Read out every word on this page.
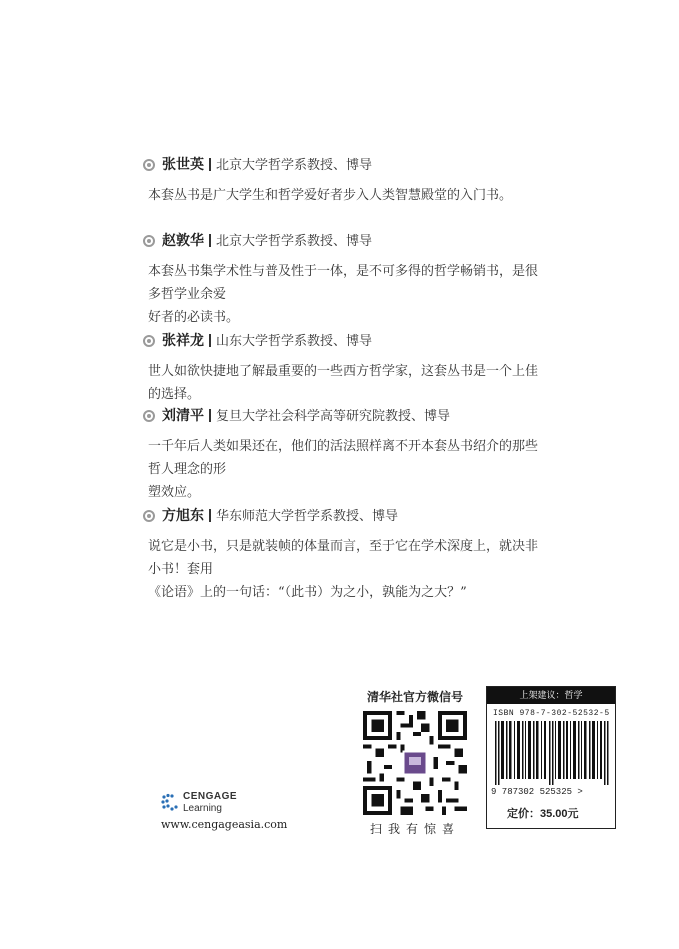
张世英 北京大学哲学系教授、博导
本套丛书是广大学生和哲学爱好者步入人类智慧殿堂的入门书。
赵敦华 北京大学哲学系教授、博导
本套丛书集学术性与普及性于一体，是不可多得的哲学畅销书，是很多哲学业余爱
好者的必读书。
张祥龙 山东大学哲学系教授、博导
世人如欲快捷地了解最重要的一些西方哲学家，这套丛书是一个上佳的选择。
刘清平 复旦大学社会科学高等研究院教授、博导
一千年后人类如果还在，他们的活法照样离不开本套丛书绍介的那些哲人理念的形
塑效应。
方旭东 华东师范大学哲学系教授、博导
说它是小书，只是就装帧的体量而言，至于它在学术深度上，就决非小书！套用
《论语》上的一句话：“（此书）为之小，孰能为之大？”
CENGAGE
Learning
www.cengageasia.com
清华社官方微信号
扫我有惊喜
上架建议：哲学
ISBN 978-7-302-52532-5
9 787302 525325 >
定价：35.00元
